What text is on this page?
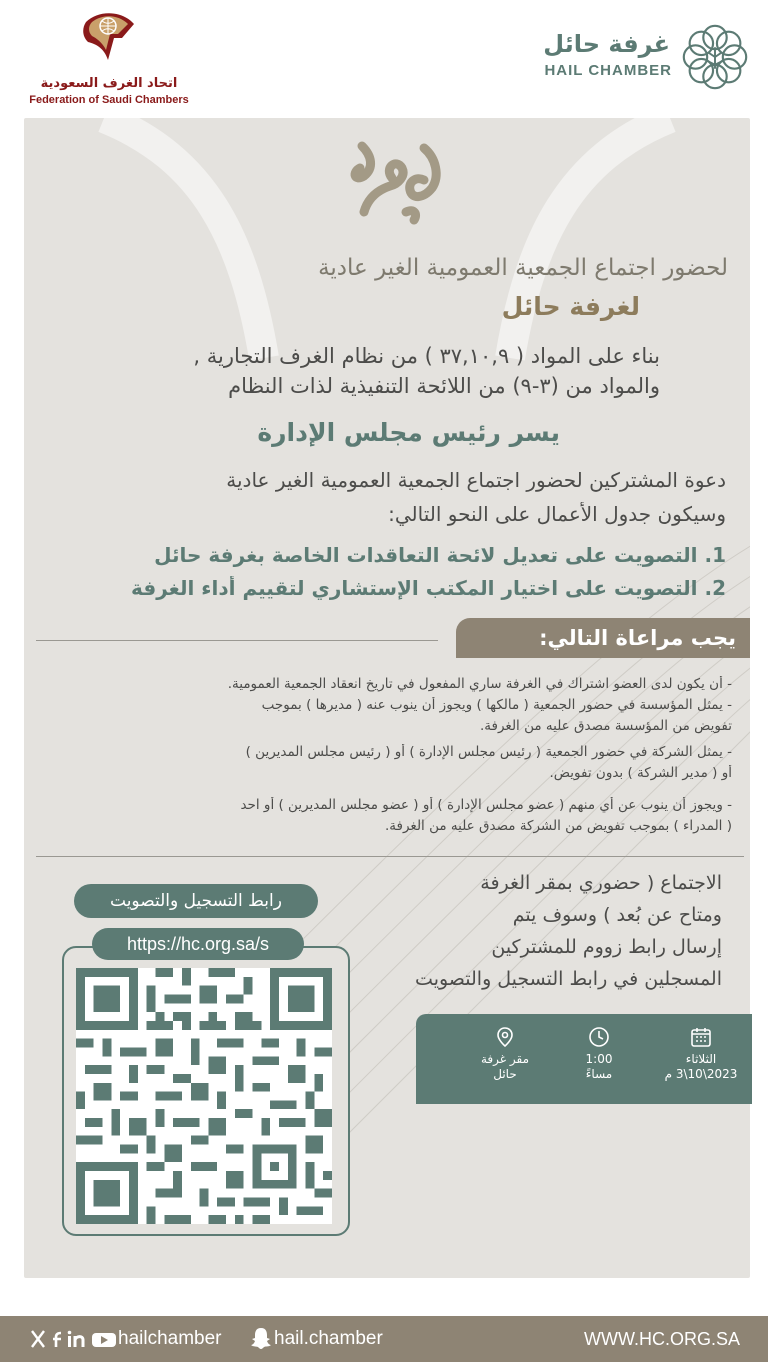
اتحاد الغرف السعودية
Federation of Saudi Chambers
غرفة حائل
HAIL CHAMBER
لحضور اجتماع الجمعية العمومية الغير عادية
لغرفة حائل
بناء على المواد ( ٣٧,١٠,٩ ) من نظام الغرف التجارية ,
والمواد من (٣-٩) من اللائحة التنفيذية لذات النظام
يسر رئيس مجلس الإدارة
دعوة المشتركين لحضور اجتماع الجمعية العمومية الغير عادية
وسيكون جدول الأعمال على النحو التالي:
1. التصويت على تعديل لائحة التعاقدات الخاصة بغرفة حائل
2. التصويت على اختيار المكتب الإستشاري لتقييم أداء الغرفة
يجب مراعاة التالي:
- أن يكون لدى العضو اشتراك في الغرفة ساري المفعول في تاريخ انعقاد الجمعية العمومية.
- يمثل المؤسسة في حضور الجمعية ( مالكها ) ويجوز أن ينوب عنه ( مديرها ) بموجب
تفويض من المؤسسة مصدق عليه من الغرفة.
- يمثل الشركة في حضور الجمعية ( رئيس مجلس الإدارة ) أو ( رئيس مجلس المديرين )
أو ( مدير الشركة ) بدون تفويض.
- ويجوز أن ينوب عن أي منهم ( عضو مجلس الإدارة ) أو ( عضو مجلس المديرين ) أو احد
( المدراء ) بموجب تفويض من الشركة مصدق عليه من الغرفة.
الاجتماع ( حضوري بمقر الغرفة
ومتاح عن بُعد ) وسوف يتم
إرسال رابط زووم للمشتركين
المسجلين في رابط التسجيل والتصويت
رابط التسجيل والتصويت
https://hc.org.sa/s
الثلاثاء
2023\10\3 م
1:00
مساءً
مقر غرفة
حائل
hailchamber	hail.chamber	WWW.HC.ORG.SA
